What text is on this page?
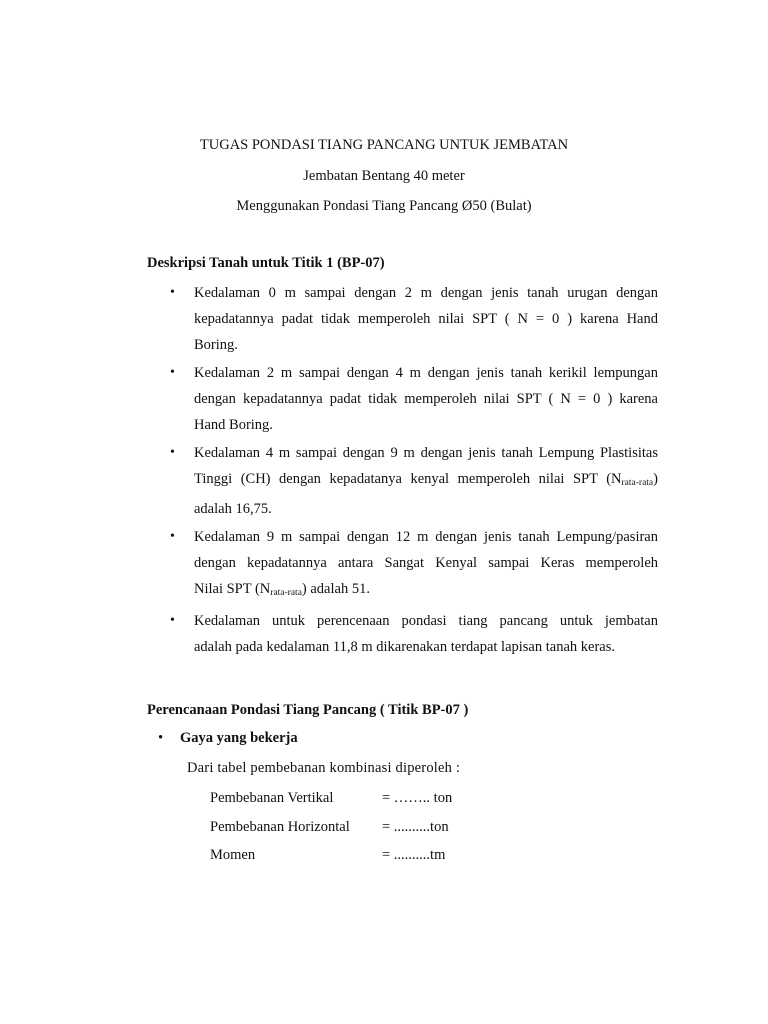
TUGAS PONDASI TIANG PANCANG UNTUK JEMBATAN
Jembatan Bentang 40 meter
Menggunakan Pondasi Tiang Pancang Ø50 (Bulat)
Deskripsi Tanah untuk Titik 1 (BP-07)
• Kedalaman 0 m sampai dengan 2 m dengan jenis tanah urugan dengan
kepadatannya padat tidak memperoleh nilai SPT ( N = 0 ) karena Hand
Boring.
• Kedalaman 2 m sampai dengan 4 m dengan jenis tanah kerikil lempungan
dengan kepadatannya padat tidak memperoleh nilai SPT ( N = 0 ) karena
Hand Boring.
• Kedalaman 4 m sampai dengan 9 m dengan jenis tanah Lempung Plastisitas
Tinggi (CH) dengan kepadatanya kenyal memperoleh nilai SPT $(N_{rata-rata})$
adalah 16,75.
• Kedalaman 9 m sampai dengan 12 m dengan jenis tanah Lempung/pasiran
dengan kepadatannya antara Sangat Kenyal sampai Keras memperoleh
Nilai SPT $(N_{rata-rata})$ adalah 51.
• Kedalaman untuk perencenaan pondasi tiang pancang untuk jembatan
adalah pada kedalaman 11,8 m dikarenakan terdapat lapisan tanah keras.
Perencanaan Pondasi Tiang Pancang ( Titik BP-07 )
• Gaya yang bekerja
Dari tabel pembebanan kombinasi diperoleh :
Pembebanan Vertikal	= …….. ton
Pembebanan Horizontal = ..........ton
Momen	= ..........tm
